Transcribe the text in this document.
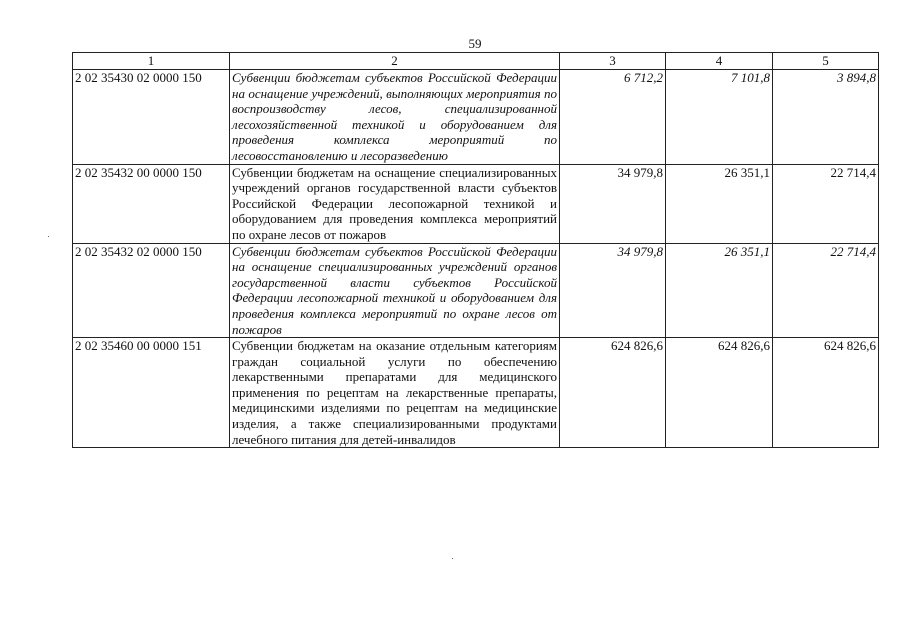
59
1	2	3	4	5
2 02 35430 02 0000 150	Субвенции бюджетам субъектов Российской Федерации на оснащение учреждений, выполняющих мероприятия по воспроизводству лесов, специализированной лесохозяйственной техникой и оборудованием для проведения комплекса мероприятий по лесовосстановлению и лесоразведению	6 712,2	7 101,8	3 894,8
2 02 35432 00 0000 150	Субвенции бюджетам на оснащение специализированных учреждений органов государственной власти субъектов Российской Федерации лесопожарной техникой и оборудованием для проведения комплекса мероприятий по охране лесов от пожаров	34 979,8	26 351,1	22 714,4
2 02 35432 02 0000 150	Субвенции бюджетам субъектов Российской Федерации на оснащение специализированных учреждений органов государственной власти субъектов Российской Федерации лесопожарной техникой и оборудованием для проведения комплекса мероприятий по охране лесов от пожаров	34 979,8	26 351,1	22 714,4
2 02 35460 00 0000 151	Субвенции бюджетам на оказание отдельным категориям граждан социальной услуги по обеспечению лекарственными препаратами для медицинского применения по рецептам на лекарственные препараты, медицинскими изделиями по рецептам на медицинские изделия, а также специализированными продуктами лечебного питания для детей-инвалидов	624 826,6	624 826,6	624 826,6
